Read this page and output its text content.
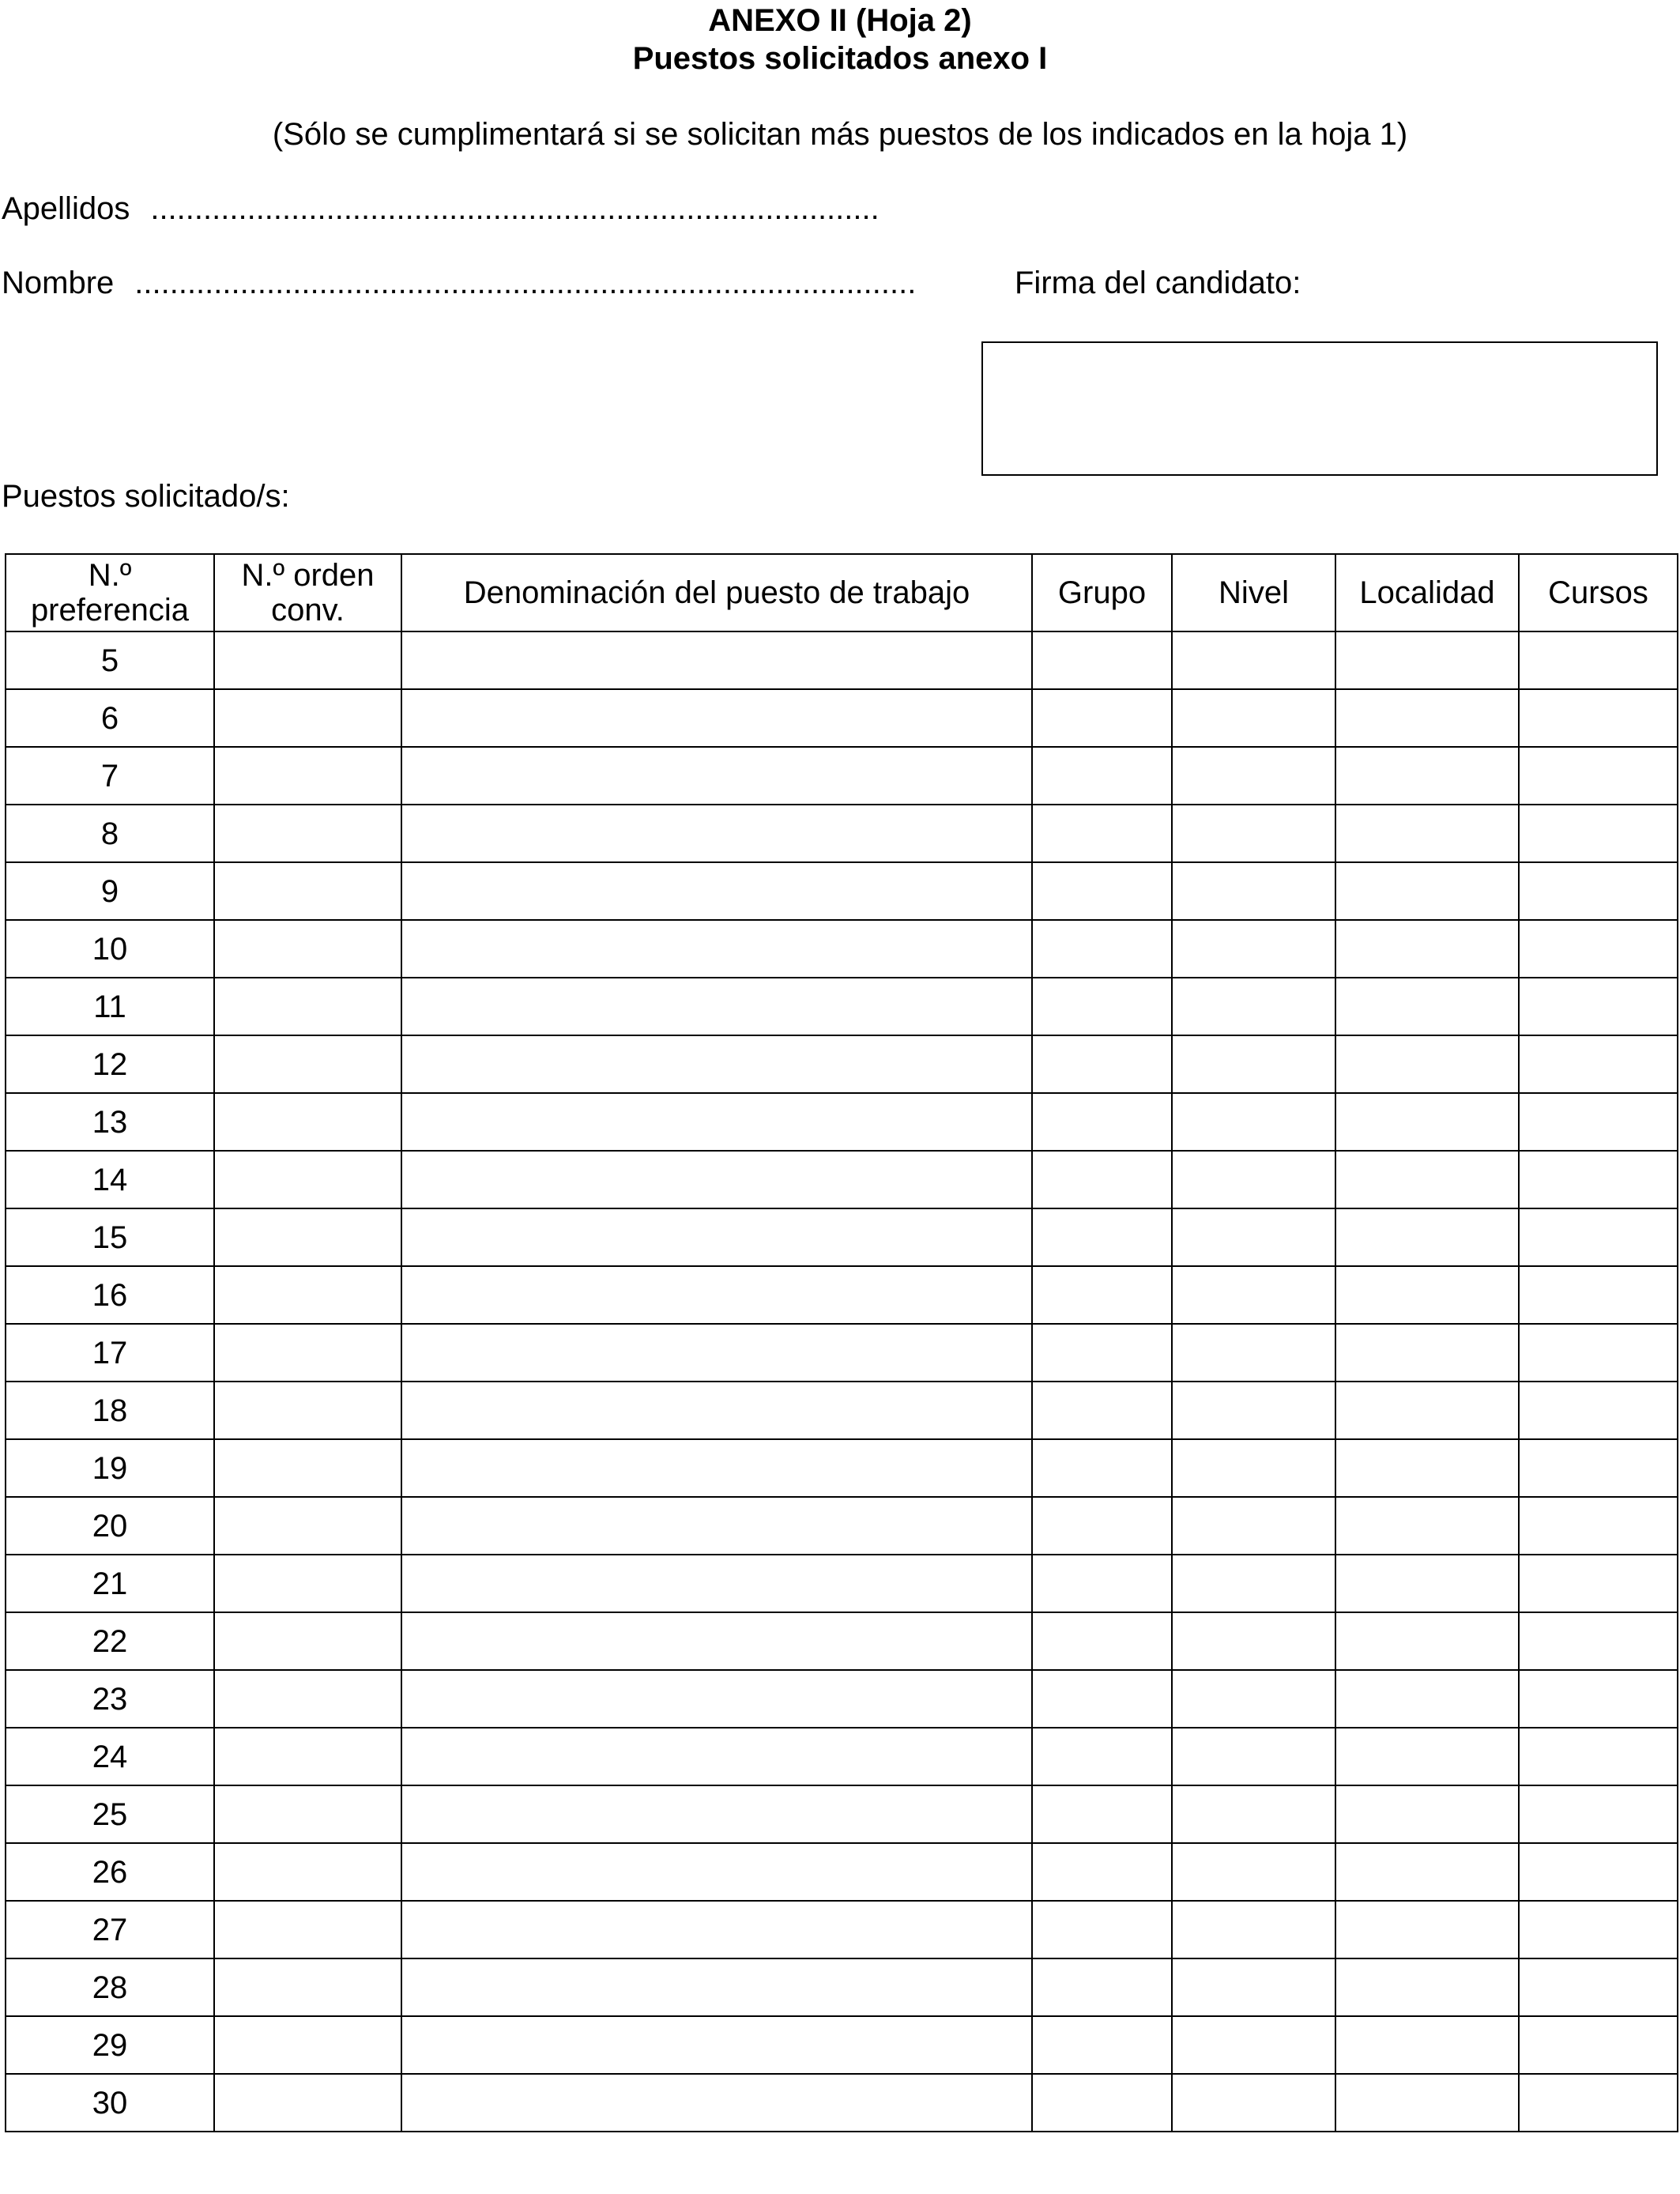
ANEXO II (Hoja 2)
Puestos solicitados anexo I
(Sólo se cumplimentará si se solicitan más puestos de los indicados en la hoja 1)
Apellidos ...................................................................................
Nombre .........................................................................................	Firma del candidato:
Puestos solicitado/s:
N.º preferencia	N.º orden conv.	Denominación del puesto de trabajo	Grupo	Nivel	Localidad	Cursos
5						
6						
7						
8						
9						
10						
11						
12						
13						
14						
15						
16						
17						
18						
19						
20						
21						
22						
23						
24						
25						
26						
27						
28						
29						
30						
